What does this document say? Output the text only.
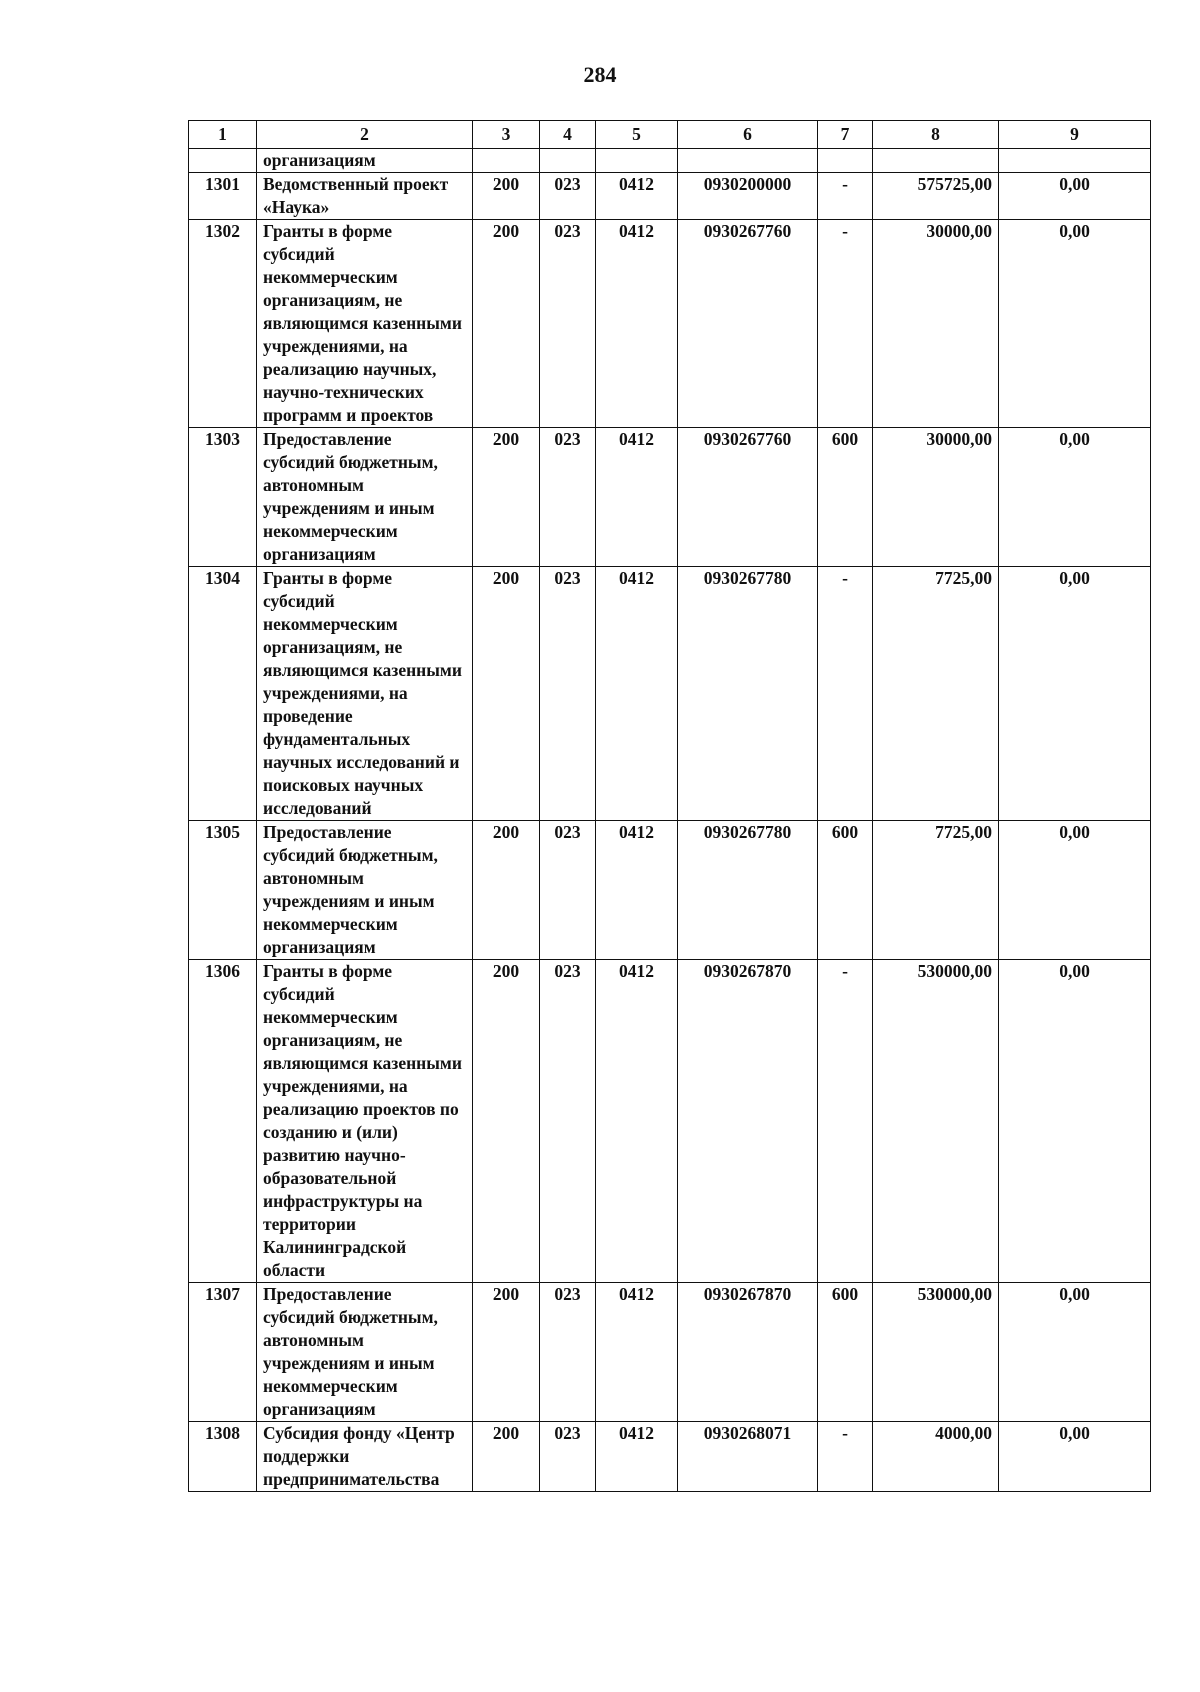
284
1	2	3	4	5	6	7	8	9
	организациям							
1301	Ведомственный проект «Наука»	200	023	0412	0930200000	-	575725,00	0,00
1302	Гранты в форме субсидий некоммерческим организациям, не являющимся казенными учреждениями, на реализацию научных, научно-технических программ и проектов	200	023	0412	0930267760	-	30000,00	0,00
1303	Предоставление субсидий бюджетным, автономным учреждениям и иным некоммерческим организациям	200	023	0412	0930267760	600	30000,00	0,00
1304	Гранты в форме субсидий некоммерческим организациям, не являющимся казенными учреждениями, на проведение фундаментальных научных исследований и поисковых научных исследований	200	023	0412	0930267780	-	7725,00	0,00
1305	Предоставление субсидий бюджетным, автономным учреждениям и иным некоммерческим организациям	200	023	0412	0930267780	600	7725,00	0,00
1306	Гранты в форме субсидий некоммерческим организациям, не являющимся казенными учреждениями, на реализацию проектов по созданию и (или) развитию научно-образовательной инфраструктуры на территории Калининградской области	200	023	0412	0930267870	-	530000,00	0,00
1307	Предоставление субсидий бюджетным, автономным учреждениям и иным некоммерческим организациям	200	023	0412	0930267870	600	530000,00	0,00
1308	Субсидия фонду «Центр поддержки предпринимательства	200	023	0412	0930268071	-	4000,00	0,00
